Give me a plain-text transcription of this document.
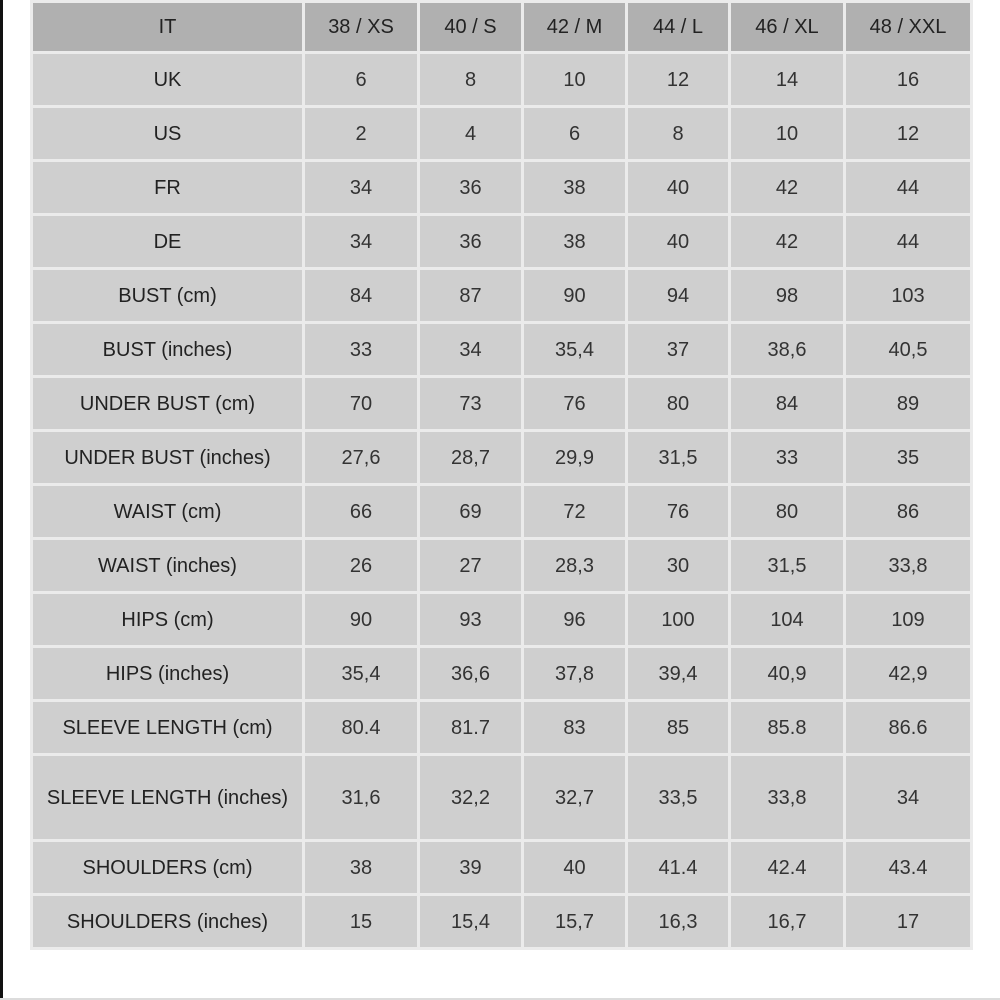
IT	38 / XS	40 / S	42 / M	44 / L	46 / XL	48 / XXL
UK	6	8	10	12	14	16
US	2	4	6	8	10	12
FR	34	36	38	40	42	44
DE	34	36	38	40	42	44
BUST (cm)	84	87	90	94	98	103
BUST (inches)	33	34	35,4	37	38,6	40,5
UNDER BUST (cm)	70	73	76	80	84	89
UNDER BUST (inches)	27,6	28,7	29,9	31,5	33	35
WAIST (cm)	66	69	72	76	80	86
WAIST (inches)	26	27	28,3	30	31,5	33,8
HIPS (cm)	90	93	96	100	104	109
HIPS (inches)	35,4	36,6	37,8	39,4	40,9	42,9
SLEEVE LENGTH (cm)	80.4	81.7	83	85	85.8	86.6
SLEEVE LENGTH (inches)	31,6	32,2	32,7	33,5	33,8	34
SHOULDERS (cm)	38	39	40	41.4	42.4	43.4
SHOULDERS (inches)	15	15,4	15,7	16,3	16,7	17
